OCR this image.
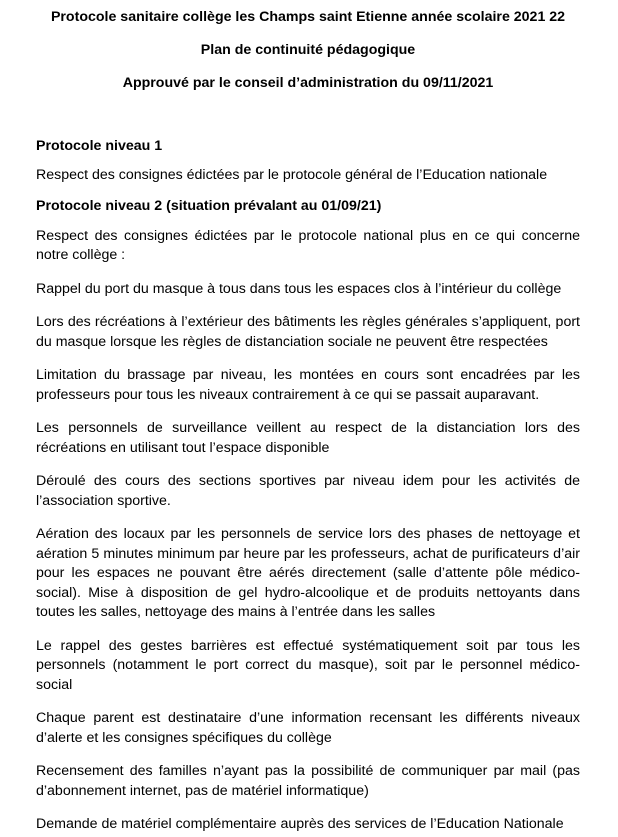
Protocole sanitaire collège les Champs saint Etienne année scolaire 2021 22
Plan de continuité pédagogique
Approuvé par le conseil d’administration du 09/11/2021
Protocole niveau 1

Respect des consignes édictées par le protocole général de l’Education nationale

Protocole niveau 2 (situation prévalant au 01/09/21)

Respect des consignes édictées par le protocole national plus en ce qui concerne notre collège :

Rappel du port du masque à tous dans tous les espaces clos à l’intérieur du collège

Lors des récréations à l’extérieur des bâtiments les règles générales s’appliquent, port du masque lorsque les règles de distanciation sociale ne peuvent être respectées

Limitation du brassage par niveau, les montées en cours sont encadrées par les professeurs pour tous les niveaux contrairement à ce qui se passait auparavant.

Les personnels de surveillance veillent au respect de la distanciation lors des récréations en utilisant tout l’espace disponible

Déroulé des cours des sections sportives par niveau idem pour les activités de l’association sportive.

Aération des locaux par les personnels de service lors des phases de nettoyage et aération 5 minutes minimum par heure par les professeurs, achat de purificateurs d’air pour les espaces ne pouvant être aérés directement (salle d’attente pôle médico-social). Mise à disposition de gel hydro-alcoolique et de produits nettoyants dans toutes les salles, nettoyage des mains à l’entrée dans les salles

Le rappel des gestes barrières est effectué systématiquement soit par tous les personnels (notamment le port correct du masque), soit par le personnel médico-social

Chaque parent est destinataire d’une information recensant les différents niveaux d’alerte et les consignes spécifiques du collège

Recensement des familles n’ayant pas la possibilité de communiquer par mail (pas d’abonnement internet, pas de matériel informatique)

Demande de matériel complémentaire auprès des services de l’Education Nationale
